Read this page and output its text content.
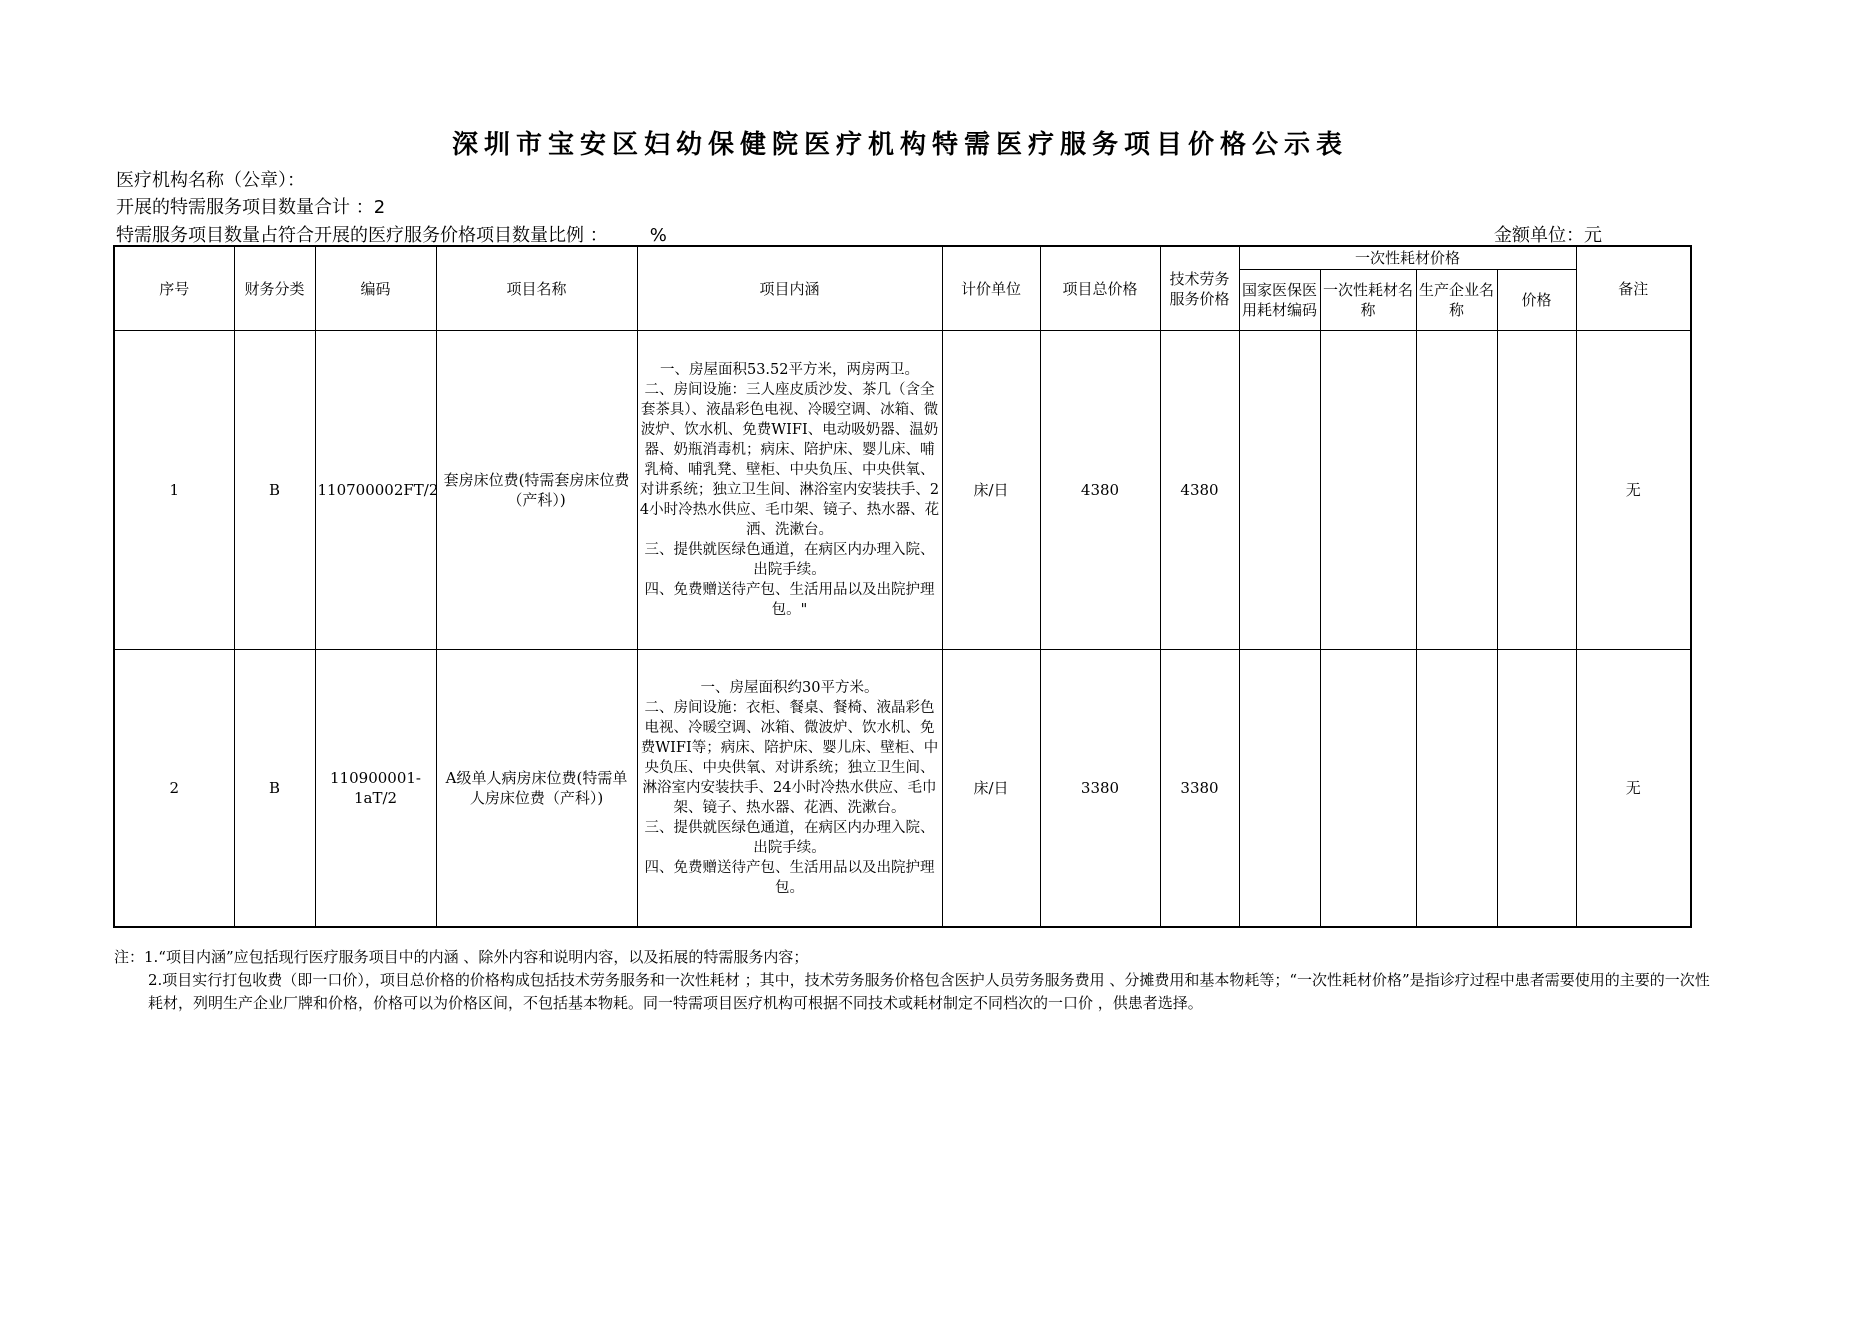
深圳市宝安区妇幼保健院医疗机构特需医疗服务项目价格公示表
医疗机构名称（公章）：
开展的特需服务项目数量合计 ：2
特需服务项目数量占符合开展的医疗服务价格项目数量比例 ： %	金额单位：元
序号	财务分类	编码	项目名称	项目内涵	计价单位	项目总价格	技术劳务服务价格	一次性耗材价格				备注
								国家医保医用耗材编码	一次性耗材名称	生产企业名称	价格	
1	B	110700002FT/2	套房床位费(特需套房床位费（产科）)	一、房屋面积53.52平方米，两房两卫。
二、房间设施：三人座皮质沙发、茶几（含全套茶具）、液晶彩色电视、冷暖空调、冰箱、微波炉、饮水机、免费WIFI、电动吸奶器、温奶器、奶瓶消毒机；病床、陪护床、婴儿床、哺乳椅、哺乳凳、壁柜、中央负压、中央供氧、对讲系统；独立卫生间、淋浴室内安装扶手、24小时冷热水供应、毛巾架、镜子、热水器、花洒、洗漱台。
三、提供就医绿色通道，在病区内办理入院、出院手续。
四、免费赠送待产包、生活用品以及出院护理包。"	床/日	4380	4380					无
2	B	110900001-1aT/2	A级单人病房床位费(特需单人房床位费（产科）)	一、房屋面积约30平方米。
二、房间设施：衣柜、餐桌、餐椅、液晶彩色电视、冷暖空调、冰箱、微波炉、饮水机、免费WIFI等；病床、陪护床、婴儿床、壁柜、中央负压、中央供氧、对讲系统；独立卫生间、淋浴室内安装扶手、24小时冷热水供应、毛巾架、镜子、热水器、花洒、洗漱台。
三、提供就医绿色通道，在病区内办理入院、出院手续。
四、免费赠送待产包、生活用品以及出院护理包。	床/日	3380	3380					无

注：1.“项目内涵”应包括现行医疗服务项目中的内涵 、除外内容和说明内容，以及拓展的特需服务内容；

2.项目实行打包收费（即一口价），项目总价格的价格构成包括技术劳务服务和一次性耗材 ；其中，技术劳务服务价格包含医护人员劳务服务费用 、分摊费用和基本物耗等；“一次性耗材价格”是指诊疗过程中患者需要使用的主要的一次性耗材，列明生产企业厂牌和价格，价格可以为价格区间，不包括基本物耗。同一特需项目医疗机构可根据不同技术或耗材制定不同档次的一口价 ，供患者选择。
